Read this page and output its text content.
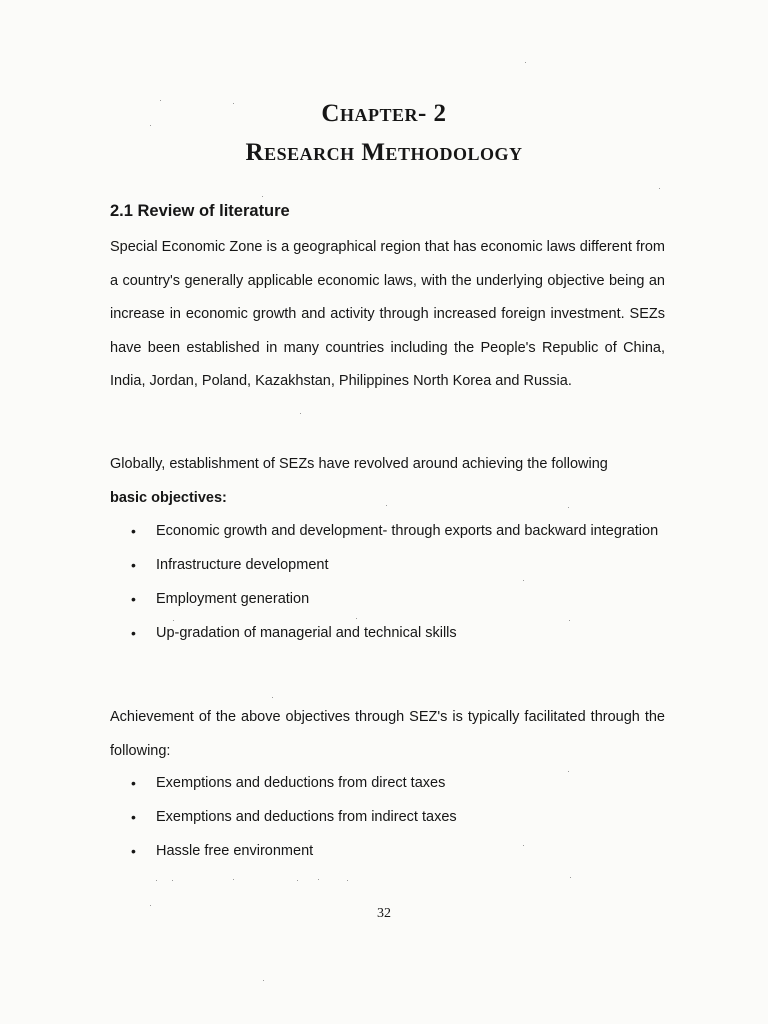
Chapter- 2
Research Methodology
2.1 Review of literature
Special Economic Zone is a geographical region that has economic laws different from a country's generally applicable economic laws, with the underlying objective being an increase in economic growth and activity through increased foreign investment. SEZs have been established in many countries including the People's Republic of China, India, Jordan, Poland, Kazakhstan, Philippines North Korea and Russia.
Globally, establishment of SEZs have revolved around achieving the following
basic objectives:
• Economic growth and development- through exports and backward integration
• Infrastructure development
• Employment generation
• Up-gradation of managerial and technical skills
Achievement of the above objectives through SEZ's is typically facilitated through the following:
• Exemptions and deductions from direct taxes
• Exemptions and deductions from indirect taxes
• Hassle free environment
32
